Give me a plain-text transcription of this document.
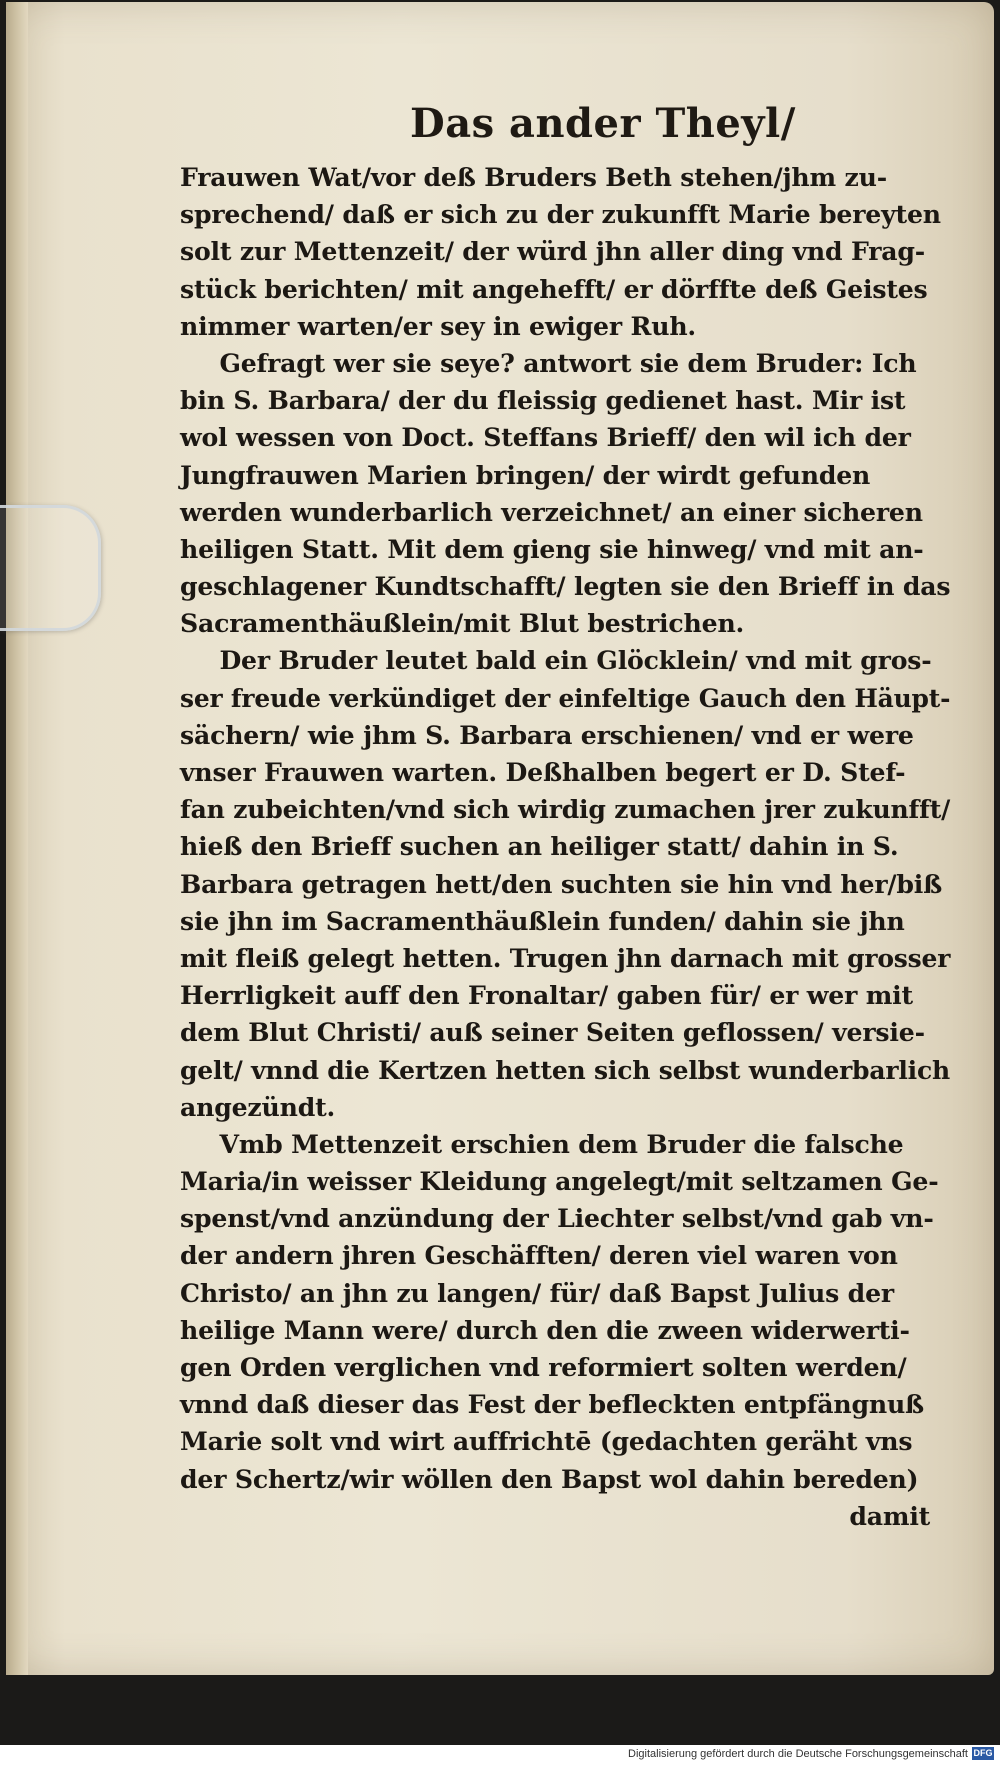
Das ander Theyl/
Frauwen Wat/vor deß Bruders Beth stehen/jhm zu-
sprechend/ daß er sich zu der zukunfft Marie bereyten
solt zur Mettenzeit/ der würd jhn aller ding vnd Frag-
stück berichten/ mit angehefft/ er dörffte deß Geistes
nimmer warten/er sey in ewiger Ruh.
Gefragt wer sie seye? antwort sie dem Bruder: Ich
bin S. Barbara/ der du fleissig gedienet hast. Mir ist
wol wessen von Doct. Steffans Brieff/ den wil ich der
Jungfrauwen Marien bringen/ der wirdt gefunden
werden wunderbarlich verzeichnet/ an einer sicheren
heiligen Statt. Mit dem gieng sie hinweg/ vnd mit an-
geschlagener Kundtschafft/ legten sie den Brieff in das
Sacramenthäußlein/mit Blut bestrichen.
Der Bruder leutet bald ein Glöcklein/ vnd mit gros-
ser freude verkündiget der einfeltige Gauch den Häupt-
sächern/ wie jhm S. Barbara erschienen/ vnd er were
vnser Frauwen warten. Deßhalben begert er D. Stef-
fan zubeichten/vnd sich wirdig zumachen jrer zukunfft/
hieß den Brieff suchen an heiliger statt/ dahin in S.
Barbara getragen hett/den suchten sie hin vnd her/biß
sie jhn im Sacramenthäußlein funden/ dahin sie jhn
mit fleiß gelegt hetten. Trugen jhn darnach mit grosser
Herrligkeit auff den Fronaltar/ gaben für/ er wer mit
dem Blut Christi/ auß seiner Seiten geflossen/ versie-
gelt/ vnnd die Kertzen hetten sich selbst wunderbarlich
angezündt.
Vmb Mettenzeit erschien dem Bruder die falsche
Maria/in weisser Kleidung angelegt/mit seltzamen Ge-
spenst/vnd anzündung der Liechter selbst/vnd gab vn-
der andern jhren Geschäfften/ deren viel waren von
Christo/ an jhn zu langen/ für/ daß Bapst Julius der
heilige Mann were/ durch den die zween widerwerti-
gen Orden verglichen vnd reformiert solten werden/
vnnd daß dieser das Fest der befleckten entpfängnuß
Marie solt vnd wirt auffrichtē (gedachten geräht vns
der Schertz/wir wöllen den Bapst wol dahin bereden)
damit
Digitalisierung gefördert durch die Deutsche Forschungsgemeinschaft DFG
